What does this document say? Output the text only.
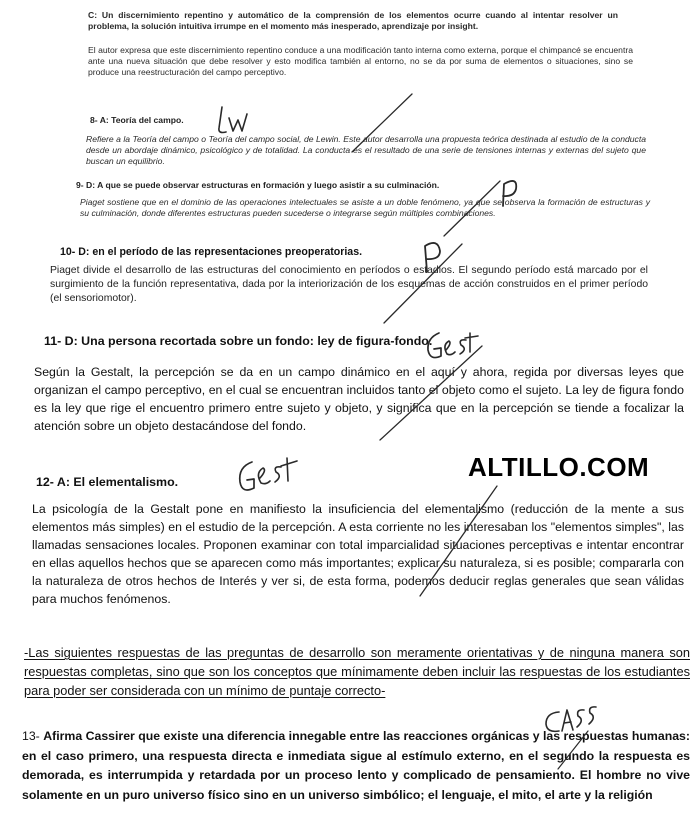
C: Un discernimiento repentino y automático de la comprensión de los elementos ocurre cuando al intentar resolver un problema, la solución intuitiva irrumpe en el momento más inesperado, aprendizaje por insight.

El autor expresa que este discernimiento repentino conduce a una modificación tanto interna como externa, porque el chimpancé se encuentra ante una nueva situación que debe resolver y esto modifica también al entorno, no se da por suma de elementos o situaciones, sino se produce una reestructuración del campo perceptivo.

8- A: Teoría del campo.

Refiere a la Teoría del campo o Teoría del campo social, de Lewin. Este autor desarrolla una propuesta teórica destinada al estudio de la conducta desde un abordaje dinámico, psicológico y de totalidad. La conducta es el resultado de una serie de tensiones internas y externas del sujeto que buscan un equilibrio.

9- D: A que se puede observar estructuras en formación y luego asistir a su culminación.

Piaget sostiene que en el dominio de las operaciones intelectuales se asiste a un doble fenómeno, ya que se observa la formación de estructuras y su culminación, donde diferentes estructuras pueden sucederse o integrarse según múltiples combinaciones.

10- D: en el período de las representaciones preoperatorias.

Piaget divide el desarrollo de las estructuras del conocimiento en períodos o estadios. El segundo período está marcado por el surgimiento de la función representativa, dada por la interiorización de los esquemas de acción construidos en el primer período (el sensoriomotor).

11- D: Una persona recortada sobre un fondo: ley de figura-fondo.

Según la Gestalt, la percepción se da en un campo dinámico en el aquí y ahora, regida por diversas leyes que organizan el campo perceptivo, en el cual se encuentran incluidos tanto el objeto como el sujeto. La ley de figura fondo es la ley que rige el encuentro primero entre sujeto y objeto, y significa que en la percepción se tiende a focalizar la atención sobre un objeto destacándose del fondo.

12- A: El elementalismo.

La psicología de la Gestalt pone en manifiesto la insuficiencia del elementalismo (reducción de la mente a sus elementos más simples) en el estudio de la percepción. A esta corriente no les interesaban los "elementos simples", las llamadas sensaciones locales. Proponen examinar con total imparcialidad situaciones perceptivas e intentar encontrar en ellas aquellos hechos que se aparecen como más importantes; explicar su naturaleza, si es posible; compararla con la naturaleza de otros hechos de Interés y ver si, de esta forma, podemos deducir reglas generales que sean válidas para muchos fenómenos.

ALTILLO.COM

-Las siguientes respuestas de las preguntas de desarrollo son meramente orientativas y de ninguna manera son respuestas completas, sino que son los conceptos que mínimamente deben incluir las respuestas de los estudiantes para poder ser considerada con un mínimo de puntaje correcto-

13- Afirma Cassirer que existe una diferencia innegable entre las reacciones orgánicas y las respuestas humanas: en el caso primero, una respuesta directa e inmediata sigue al estímulo externo, en el segundo la respuesta es demorada, es interrumpida y retardada por un proceso lento y complicado de pensamiento. El hombre no vive solamente en un puro universo físico sino en un universo simbólico; el lenguaje, el mito, el arte y la religión
